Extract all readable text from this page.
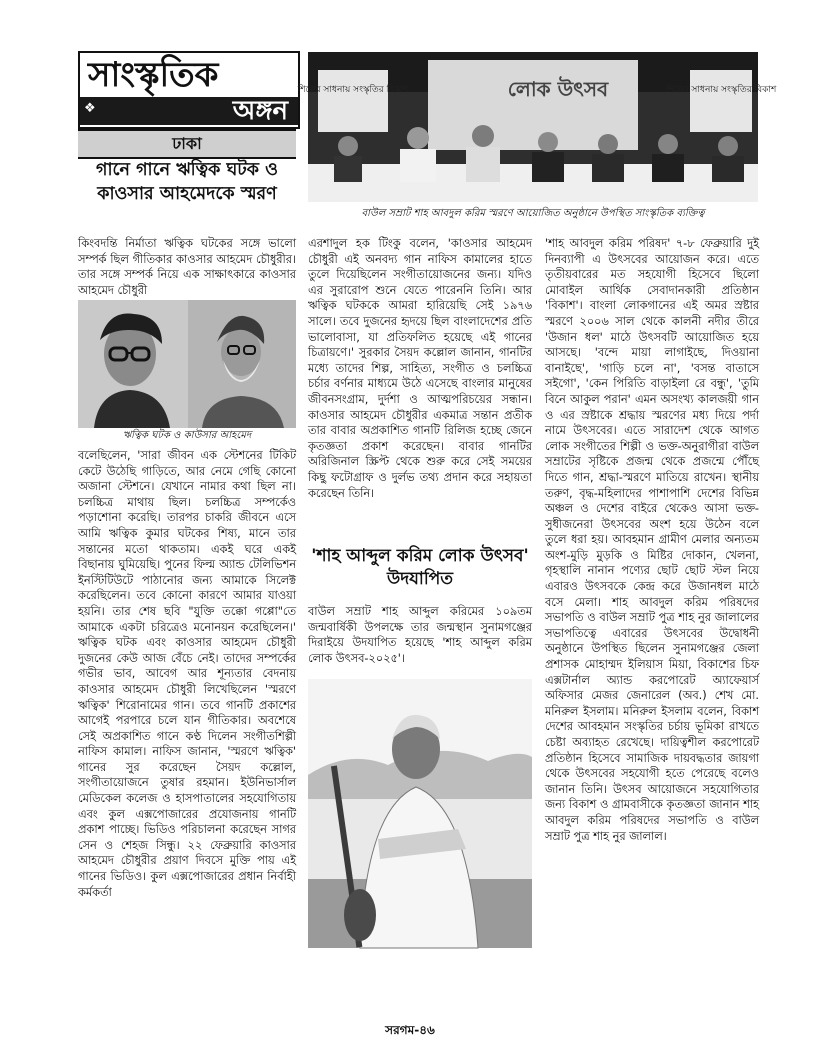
সাংস্কৃতিক
❖	অঙ্গন
ঢাকা
গানে গানে ঋত্বিক ঘটক ও কাওসার আহমেদকে স্মরণ

কিংবদন্তি নির্মাতা ঋত্বিক ঘটকের সঙ্গে ভালো সম্পর্ক ছিল গীতিকার কাওসার আহমেদ চৌধুরীর। তার সঙ্গে সম্পর্ক নিয়ে এক সাক্ষাৎকারে কাওসার আহমেদ চৌধুরী

ঋত্বিক ঘটক ও কাউসার আহমেদ

বলেছিলেন, 'সারা জীবন এক স্টেশনের টিকিট কেটে উঠেছি গাড়িতে, আর নেমে গেছি কোনো অজানা স্টেশনে। যেখানে নামার কথা ছিল না। চলচ্চিত্র মাথায় ছিল। চলচ্চিত্র সম্পর্কেও পড়াশোনা করেছি। তারপর চাকরি জীবনে এসে আমি ঋত্বিক কুমার ঘটকের শিষ্য, মানে তার সন্তানের মতো থাকতাম। একই ঘরে একই বিছানায় ঘুমিয়েছি। পুনের ফিল্ম অ্যান্ড টেলিভিশন ইনস্টিটিউটে পাঠানোর জন্য আমাকে সিলেক্ট করেছিলেন। তবে কোনো কারণে আমার যাওয়া হয়নি। তার শেষ ছবি "যুক্তি তক্কো গপ্পো"তে আমাকে একটা চরিত্রেও মনোনয়ন করেছিলেন।' ঋত্বিক ঘটক এবং কাওসার আহমেদ চৌধুরী দুজনের কেউ আজ বেঁচে নেই। তাদের সম্পর্কের গভীর ভাব, আবেগ আর শূন্যতার বেদনায় কাওসার আহমেদ চৌধুরী লিখেছিলেন 'স্মরণে ঋত্বিক' শিরোনামের গান। তবে গানটি প্রকাশের আগেই পরপারে চলে যান গীতিকার। অবশেষে সেই অপ্রকাশিত গানে কণ্ঠ দিলেন সংগীতশিল্পী নাফিস কামাল। নাফিস জানান, 'স্মরণে ঋত্বিক' গানের সুর করেছেন সৈয়দ কল্লোল, সংগীতায়োজনে তুষার রহমান। ইউনিভার্সাল মেডিকেল কলেজ ও হাসপাতালের সহযোগিতায় এবং কুল এক্সপোজারের প্রযোজনায় গানটি প্রকাশ পাচ্ছে। ভিডিও পরিচালনা করেছেন সাগর সেন ও শেহজ সিন্ধু। ২২ ফেব্রুয়ারি কাওসার আহমেদ চৌধুরীর প্রয়াণ দিবসে মুক্তি পায় এই গানের ভিডিও। কুল এক্সপোজারের প্রধান নির্বাহী কর্মকর্তা

শিল্পের সাধনায় সংস্কৃতির বিকাশ	শিল্পের সাধনায় সংস্কৃতির বিকাশ
লোক উৎসব
বাউল সম্রাট শাহ আবদুল করিম স্মরণে আয়োজিত অনুষ্ঠানে উপস্থিত সাংস্কৃতিক ব্যক্তিত্ব

এরশাদুল হক টিংকু বলেন, 'কাওসার আহমেদ চৌধুরী এই অনবদ্য গান নাফিস কামালের হাতে তুলে দিয়েছিলেন সংগীতায়োজনের জন্য। যদিও এর সুরারোপ শুনে যেতে পারেননি তিনি। আর ঋত্বিক ঘটককে আমরা হারিয়েছি সেই ১৯৭৬ সালে। তবে দুজনের হৃদয়ে ছিল বাংলাদেশের প্রতি ভালোবাসা, যা প্রতিফলিত হয়েছে এই গানের চিত্রায়ণে।' সুরকার সৈয়দ কল্লোল জানান, গানটির মধ্যে তাদের শিল্প, সাহিত্য, সংগীত ও চলচ্চিত্র চর্চার বর্ণনার মাধ্যমে উঠে এসেছে বাংলার মানুষের জীবনসংগ্রাম, দুর্দশা ও আত্মপরিচয়ের সন্ধান। কাওসার আহমেদ চৌধুরীর একমাত্র সন্তান প্রতীক তার বাবার অপ্রকাশিত গানটি রিলিজ হচ্ছে জেনে কৃতজ্ঞতা প্রকাশ করেছেন। বাবার গানটির অরিজিনাল স্ক্রিপ্ট থেকে শুরু করে সেই সময়ের কিছু ফটোগ্রাফ ও দুর্লভ তথ্য প্রদান করে সহায়তা করেছেন তিনি।

'শাহ আব্দুল করিম লোক উৎসব' উদযাপিত

বাউল সম্রাট শাহ আব্দুল করিমের ১০৯তম জন্মবার্ষিকী উপলক্ষে তার জন্মস্থান সুনামগঞ্জের দিরাইয়ে উদযাপিত হয়েছে 'শাহ আব্দুল করিম লোক উৎসব-২০২৫'।

'শাহ আবদুল করিম পরিষদ' ৭-৮ ফেব্রুয়ারি দুই দিনব্যাপী এ উৎসবের আয়োজন করে। এতে তৃতীয়বারের মত সহযোগী হিসেবে ছিলো মোবাইল আর্থিক সেবাদানকারী প্রতিষ্ঠান 'বিকাশ'। বাংলা লোকগানের এই অমর স্রষ্টার স্মরণে ২০০৬ সাল থেকে কালনী নদীর তীরে 'উজান ধল' মাঠে উৎসবটি আয়োজিত হয়ে আসছে। 'বন্দে মায়া লাগাইছে, দিওয়ানা বানাইছে', 'গাড়ি চলে না', 'বসন্ত বাতাসে সইগো', 'কেন পিরিতি বাড়াইলা রে বন্ধু', 'তুমি বিনে আকুল পরান' এমন অসংখ্য কালজয়ী গান ও এর স্রষ্টাকে শ্রদ্ধায় স্মরণের মধ্য দিয়ে পর্দা নামে উৎসবের। এতে সারাদেশ থেকে আগত লোক সংগীতের শিল্পী ও ভক্ত-অনুরাগীরা বাউল সম্রাটের সৃষ্টিকে প্রজন্ম থেকে প্রজন্মে পৌঁছে দিতে গান, শ্রদ্ধা-স্মরণে মাতিয়ে রাখেন। স্থানীয় তরুণ, বৃদ্ধ-মহিলাদের পাশাপাশি দেশের বিভিন্ন অঞ্চল ও দেশের বাইরে থেকেও আসা ভক্ত-সুধীজনেরা উৎসবের অংশ হয়ে উঠেন বলে তুলে ধরা হয়। আবহমান গ্রামীণ মেলার অন্যতম অংশ-মুড়ি মুড়কি ও মিষ্টির দোকান, খেলনা, গৃহস্থালি নানান পণ্যের ছোট ছোট স্টল নিয়ে এবারও উৎসবকে কেন্দ্র করে উজানধল মাঠে বসে মেলা। শাহ আবদুল করিম পরিষদের সভাপতি ও বাউল সম্রাট পুত্র শাহ নুর জালালের সভাপতিত্বে এবারের উৎসবের উদ্বোধনী অনুষ্ঠানে উপস্থিত ছিলেন সুনামগঞ্জের জেলা প্রশাসক মোহাম্মদ ইলিয়াস মিয়া, বিকাশের চিফ এক্সটার্নাল অ্যান্ড করপোরেট অ্যাফেয়ার্স অফিসার মেজর জেনারেল (অব.) শেখ মো. মনিরুল ইসলাম। মনিরুল ইসলাম বলেন, বিকাশ দেশের আবহমান সংস্কৃতির চর্চায় ভূমিকা রাখতে চেষ্টা অব্যাহত রেখেছে। দায়িত্বশীল করপোরেট প্রতিষ্ঠান হিসেবে সামাজিক দায়বদ্ধতার জায়গা থেকে উৎসবের সহযোগী হতে পেরেছে বলেও জানান তিনি। উৎসব আয়োজনে সহযোগিতার জন্য বিকাশ ও গ্রামবাসীকে কৃতজ্ঞতা জানান শাহ আবদুল করিম পরিষদের সভাপতি ও বাউল সম্রাট পুত্র শাহ নুর জালাল।

সরগম-৪৬
